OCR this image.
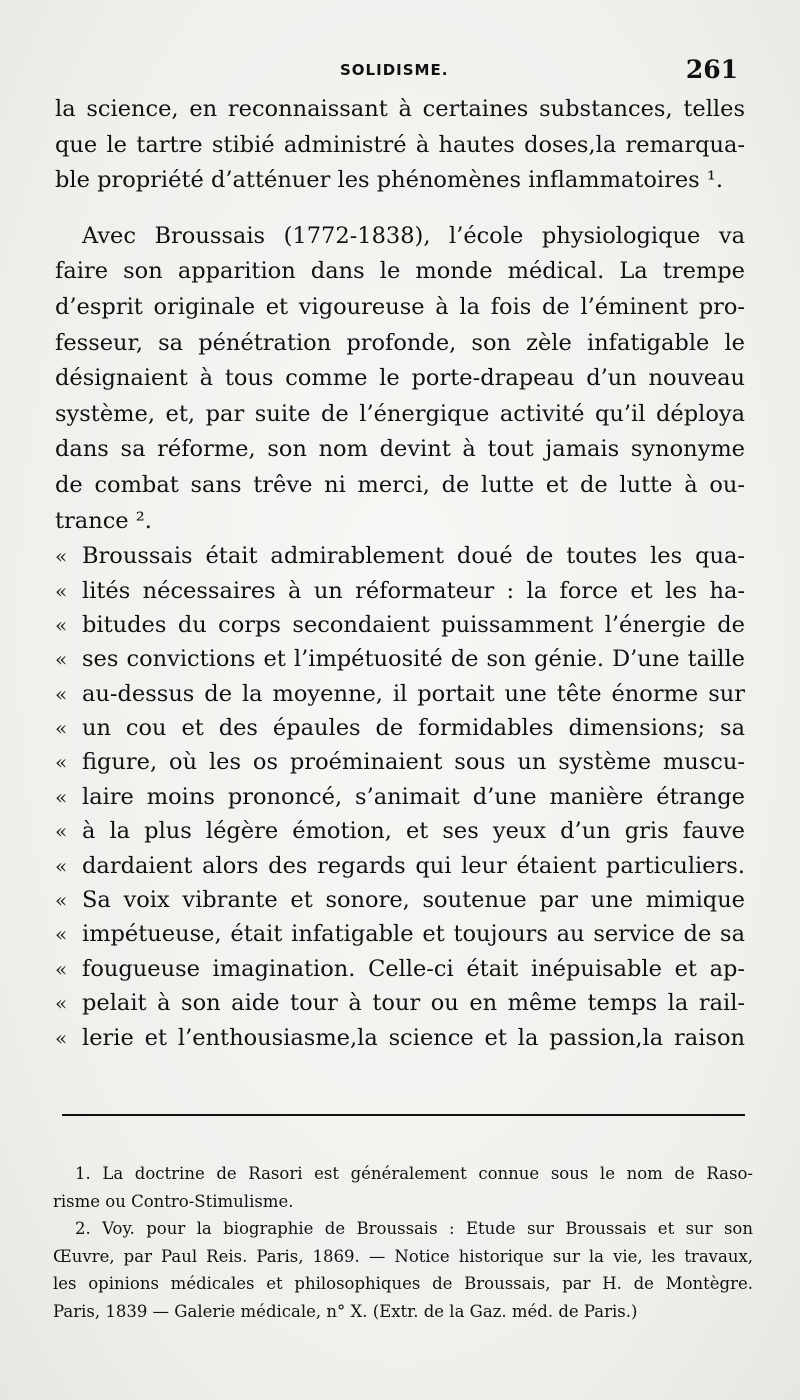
SOLIDISME.	261
la science, en reconnaissant à certaines substances, telles
que le tartre stibié administré à hautes doses,la remarqua-
ble propriété d’atténuer les phénomènes inflammatoires ¹.
Avec Broussais (1772-1838), l’école physiologique va
faire son apparition dans le monde médical. La trempe
d’esprit originale et vigoureuse à la fois de l’éminent pro-
fesseur, sa pénétration profonde, son zèle infatigable le
désignaient à tous comme le porte-drapeau d’un nouveau
système, et, par suite de l’énergique activité qu’il déploya
dans sa réforme, son nom devint à tout jamais synonyme
de combat sans trêve ni merci, de lutte et de lutte à ou-
trance ².
« Broussais était admirablement doué de toutes les qua-
« lités nécessaires à un réformateur : la force et les ha-
« bitudes du corps secondaient puissamment l’énergie de
« ses convictions et l’impétuosité de son génie. D’une taille
« au-dessus de la moyenne, il portait une tête énorme sur
« un cou et des épaules de formidables dimensions; sa
« figure, où les os proéminaient sous un système muscu-
« laire moins prononcé, s’animait d’une manière étrange
« à la plus légère émotion, et ses yeux d’un gris fauve
« dardaient alors des regards qui leur étaient particuliers.
« Sa voix vibrante et sonore, soutenue par une mimique
« impétueuse, était infatigable et toujours au service de sa
« fougueuse imagination. Celle-ci était inépuisable et ap-
« pelait à son aide tour à tour ou en même temps la rail-
« lerie et l’enthousiasme,la science et la passion,la raison
1. La doctrine de Rasori est généralement connue sous le nom de Raso-
risme ou Contro-Stimulisme.
2. Voy. pour la biographie de Broussais : Etude sur Broussais et sur son
Œuvre, par Paul Reis. Paris, 1869. — Notice historique sur la vie, les travaux,
les opinions médicales et philosophiques de Broussais, par H. de Montègre.
Paris, 1839 — Galerie médicale, n° X. (Extr. de la Gaz. méd. de Paris.)
